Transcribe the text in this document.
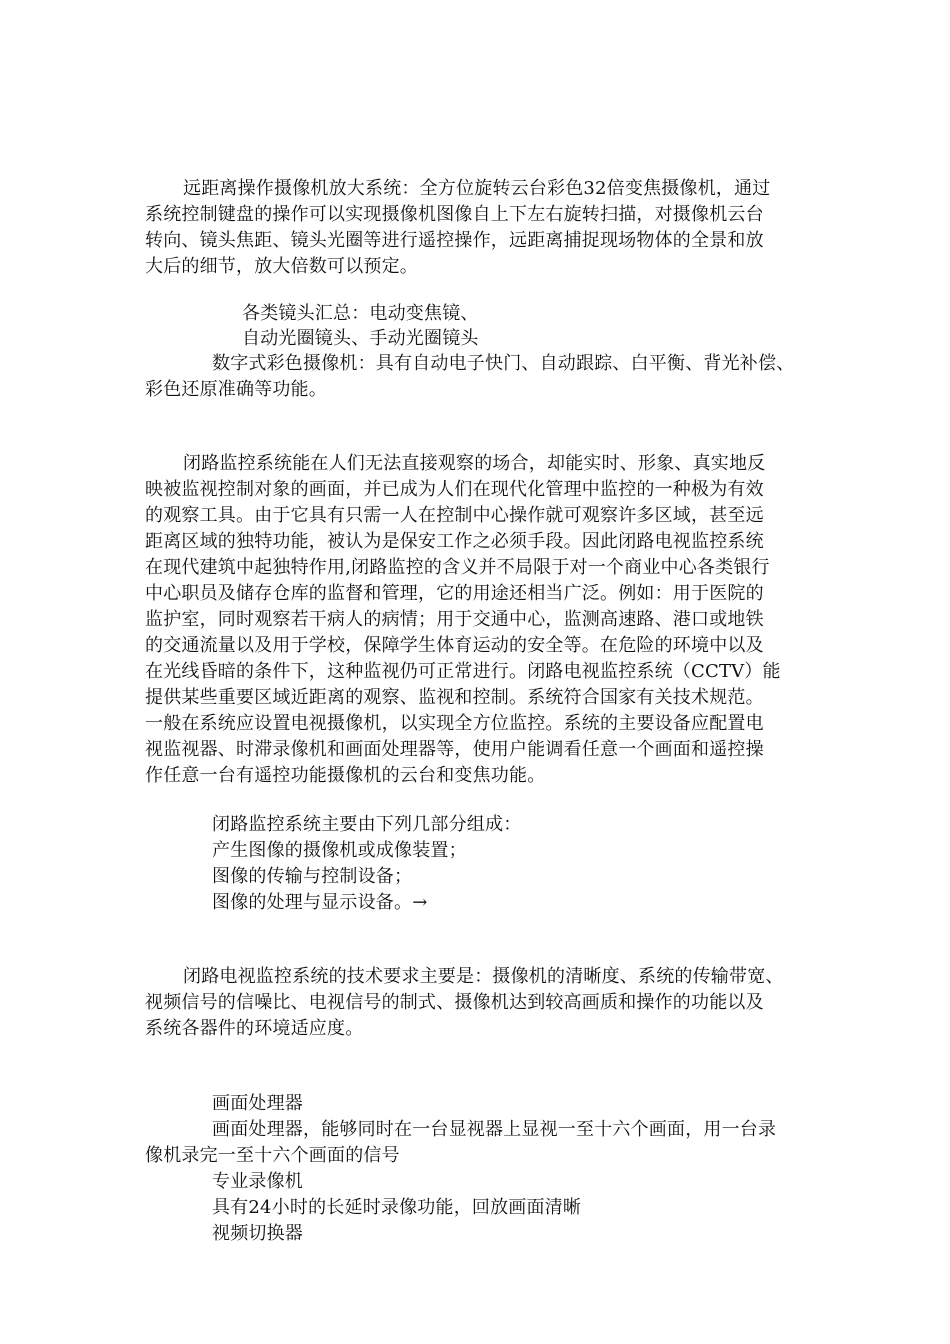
远距离操作摄像机放大系统：全方位旋转云台彩色32倍变焦摄像机，通过
系统控制键盘的操作可以实现摄像机图像自上下左右旋转扫描，对摄像机云台
转向、镜头焦距、镜头光圈等进行遥控操作，远距离捕捉现场物体的全景和放
大后的细节，放大倍数可以预定。
各类镜头汇总：电动变焦镜、
自动光圈镜头、手动光圈镜头
数字式彩色摄像机：具有自动电子快门、自动跟踪、白平衡、背光补偿、
彩色还原准确等功能。
闭路监控系统能在人们无法直接观察的场合，却能实时、形象、真实地反
映被监视控制对象的画面，并已成为人们在现代化管理中监控的一种极为有效
的观察工具。由于它具有只需一人在控制中心操作就可观察许多区域，甚至远
距离区域的独特功能，被认为是保安工作之必须手段。因此闭路电视监控系统
在现代建筑中起独特作用,闭路监控的含义并不局限于对一个商业中心各类银行
中心职员及储存仓库的监督和管理，它的用途还相当广泛。例如：用于医院的
监护室，同时观察若干病人的病情；用于交通中心，监测高速路、港口或地铁
的交通流量以及用于学校，保障学生体育运动的安全等。在危险的环境中以及
在光线昏暗的条件下，这种监视仍可正常进行。闭路电视监控系统（CCTV）能
提供某些重要区域近距离的观察、监视和控制。系统符合国家有关技术规范。
一般在系统应设置电视摄像机，以实现全方位监控。系统的主要设备应配置电
视监视器、时滞录像机和画面处理器等，使用户能调看任意一个画面和遥控操
作任意一台有遥控功能摄像机的云台和变焦功能。
闭路监控系统主要由下列几部分组成：
产生图像的摄像机或成像装置；
图像的传输与控制设备；
图像的处理与显示设备。→
闭路电视监控系统的技术要求主要是：摄像机的清晰度、系统的传输带宽、
视频信号的信噪比、电视信号的制式、摄像机达到较高画质和操作的功能以及
系统各器件的环境适应度。
画面处理器
画面处理器，能够同时在一台显视器上显视一至十六个画面，用一台录
像机录完一至十六个画面的信号
专业录像机
具有24小时的长延时录像功能，回放画面清晰
视频切换器
